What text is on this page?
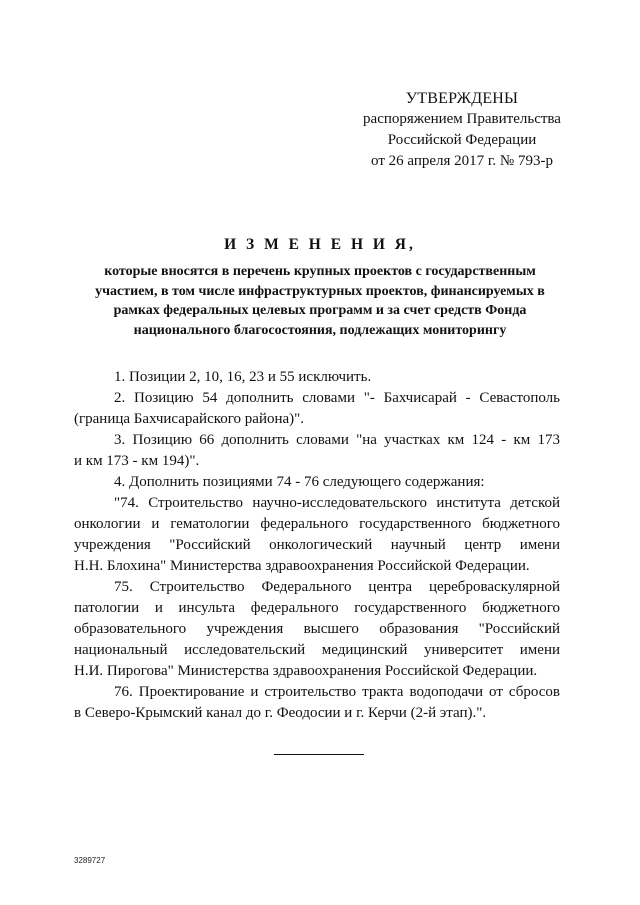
УТВЕРЖДЕНЫ
распоряжением Правительства
Российской Федерации
от 26 апреля 2017 г. № 793-р
И З М Е Н Е Н И Я,
которые вносятся в перечень крупных проектов с государственным
участием, в том числе инфраструктурных проектов, финансируемых в
рамках федеральных целевых программ и за счет средств Фонда
национального благосостояния, подлежащих мониторингу
1. Позиции 2, 10, 16, 23 и 55 исключить.
2. Позицию 54 дополнить словами "- Бахчисарай - Севастополь
(граница Бахчисарайского района)".
3. Позицию 66 дополнить словами "на участках км 124 - км 173
и км 173 - км 194)".
4. Дополнить позициями 74 - 76 следующего содержания:
"74. Строительство научно-исследовательского института детской
онкологии и гематологии федерального государственного бюджетного
учреждения "Российский онкологический научный центр имени
Н.Н. Блохина" Министерства здравоохранения Российской Федерации.
75. Строительство Федерального центра цереброваскулярной
патологии и инсульта федерального государственного бюджетного
образовательного учреждения высшего образования "Российский
национальный исследовательский медицинский университет имени
Н.И. Пирогова" Министерства здравоохранения Российской Федерации.
76. Проектирование и строительство тракта водоподачи от сбросов
в Северо-Крымский канал до г. Феодосии и г. Керчи (2-й этап).".
3289727
